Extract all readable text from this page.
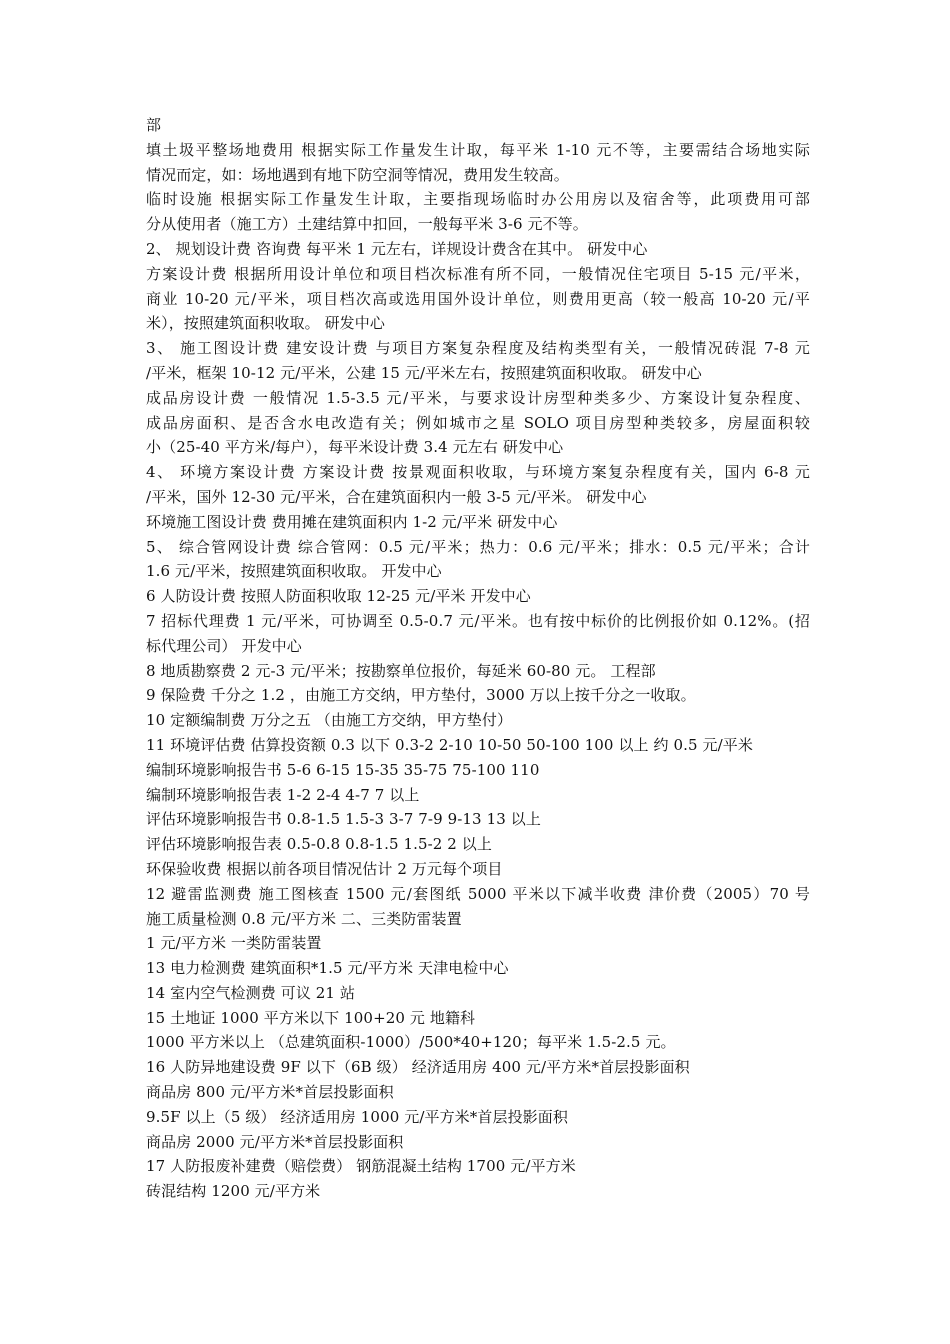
部
填土圾平整场地费用 根据实际工作量发生计取，每平米 1-10 元不等，主要需结合场地实际
情况而定，如：场地遇到有地下防空洞等情况，费用发生较高。
临时设施 根据实际工作量发生计取，主要指现场临时办公用房以及宿舍等，此项费用可部
分从使用者（施工方）土建结算中扣回，一般每平米 3-6 元不等。
2、 规划设计费 咨询费 每平米 1 元左右，详规设计费含在其中。 研发中心
方案设计费 根据所用设计单位和项目档次标准有所不同，一般情况住宅项目 5-15 元/平米，
商业 10-20 元/平米，项目档次高或选用国外设计单位，则费用更高（较一般高 10-20 元/平
米），按照建筑面积收取。 研发中心
3、 施工图设计费 建安设计费 与项目方案复杂程度及结构类型有关，一般情况砖混 7-8 元
/平米，框架 10-12 元/平米，公建 15 元/平米左右，按照建筑面积收取。 研发中心
成品房设计费 一般情况 1.5-3.5 元/平米，与要求设计房型种类多少、方案设计复杂程度、
成品房面积、是否含水电改造有关；例如城市之星 SOLO 项目房型种类较多，房屋面积较
小（25-40 平方米/每户），每平米设计费 3.4 元左右 研发中心
4、 环境方案设计费 方案设计费 按景观面积收取，与环境方案复杂程度有关，国内 6-8 元
/平米，国外 12-30 元/平米，合在建筑面积内一般 3-5 元/平米。 研发中心
环境施工图设计费 费用摊在建筑面积内 1-2 元/平米 研发中心
5、 综合管网设计费 综合管网：0.5 元/平米；热力：0.6 元/平米；排水：0.5 元/平米；合计
1.6 元/平米，按照建筑面积收取。 开发中心
6 人防设计费 按照人防面积收取 12-25 元/平米 开发中心
7 招标代理费 1 元/平米，可协调至 0.5-0.7 元/平米。也有按中标价的比例报价如 0.12%。(招
标代理公司） 开发中心
8 地质勘察费 2 元-3 元/平米；按勘察单位报价，每延米 60-80 元。 工程部
9 保险费 千分之 1.2 ，由施工方交纳，甲方垫付，3000 万以上按千分之一收取。
10 定额编制费 万分之五 （由施工方交纳，甲方垫付）
11 环境评估费 估算投资额 0.3 以下 0.3-2 2-10 10-50 50-100 100 以上 约 0.5 元/平米
编制环境影响报告书 5-6 6-15 15-35 35-75 75-100 110
编制环境影响报告表 1-2 2-4 4-7 7 以上
评估环境影响报告书 0.8-1.5 1.5-3 3-7 7-9 9-13 13 以上
评估环境影响报告表 0.5-0.8 0.8-1.5 1.5-2 2 以上
环保验收费 根据以前各项目情况估计 2 万元每个项目
12 避雷监测费 施工图核查 1500 元/套图纸 5000 平米以下减半收费 津价费（2005）70 号
施工质量检测 0.8 元/平方米 二、三类防雷装置
1 元/平方米 一类防雷装置
13 电力检测费 建筑面积*1.5 元/平方米 天津电检中心
14 室内空气检测费 可议 21 站
15 土地证 1000 平方米以下 100+20 元 地籍科
1000 平方米以上 （总建筑面积-1000）/500*40+120；每平米 1.5-2.5 元。
16 人防异地建设费 9F 以下（6B 级） 经济适用房 400 元/平方米*首层投影面积
商品房 800 元/平方米*首层投影面积
9.5F 以上（5 级） 经济适用房 1000 元/平方米*首层投影面积
商品房 2000 元/平方米*首层投影面积
17 人防报废补建费（赔偿费） 钢筋混凝土结构 1700 元/平方米
砖混结构 1200 元/平方米
